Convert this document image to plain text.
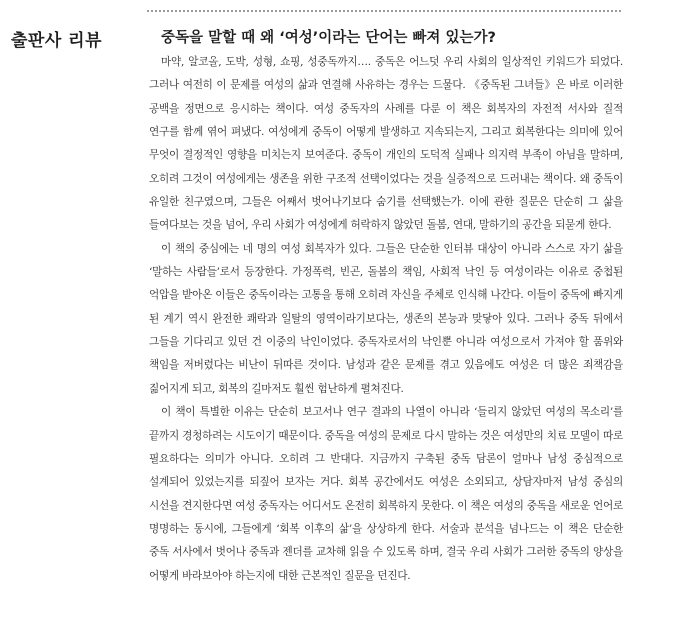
출판사 리뷰	중독을 말할 때 왜 ‘여성’이라는 단어는 빠져 있는가?

마약, 알코올, 도박, 성형, 쇼핑, 성중독까지…. 중독은 어느덧 우리 사회의 일상적인 키워드가 되었다. 그러나 여전히 이 문제를 여성의 삶과 연결해 사유하는 경우는 드물다. 《중독된 그녀들》은 바로 이러한 공백을 정면으로 응시하는 책이다. 여성 중독자의 사례를 다룬 이 책은 회복자의 자전적 서사와 질적 연구를 함께 엮어 펴냈다. 여성에게 중독이 어떻게 발생하고 지속되는지, 그리고 회복한다는 의미에 있어 무엇이 결정적인 영향을 미치는지 보여준다. 중독이 개인의 도덕적 실패나 의지력 부족이 아님을 말하며, 오히려 그것이 여성에게는 생존을 위한 구조적 선택이었다는 것을 실증적으로 드러내는 책이다. 왜 중독이 유일한 친구였으며, 그들은 어째서 벗어나기보다 숨기를 선택했는가. 이에 관한 질문은 단순히 그 삶을 들여다보는 것을 넘어, 우리 사회가 여성에게 허락하지 않았던 돌봄, 연대, 말하기의 공간을 되묻게 한다.

이 책의 중심에는 네 명의 여성 회복자가 있다. 그들은 단순한 인터뷰 대상이 아니라 스스로 자기 삶을 ‘말하는 사람들’로서 등장한다. 가정폭력, 빈곤, 돌봄의 책임, 사회적 낙인 등 여성이라는 이유로 중첩된 억압을 받아온 이들은 중독이라는 고통을 통해 오히려 자신을 주체로 인식해 나간다. 이들이 중독에 빠지게 된 계기 역시 완전한 쾌락과 일탈의 영역이라기보다는, 생존의 본능과 맞닿아 있다. 그러나 중독 뒤에서 그들을 기다리고 있던 건 이중의 낙인이었다. 중독자로서의 낙인뿐 아니라 여성으로서 가져야 할 품위와 책임을 저버렸다는 비난이 뒤따른 것이다. 남성과 같은 문제를 겪고 있음에도 여성은 더 많은 죄책감을 짊어지게 되고, 회복의 길마저도 훨씬 험난하게 펼쳐진다.

이 책이 특별한 이유는 단순히 보고서나 연구 결과의 나열이 아니라 ‘들리지 않았던 여성의 목소리’를 끝까지 경청하려는 시도이기 때문이다. 중독을 여성의 문제로 다시 말하는 것은 여성만의 치료 모델이 따로 필요하다는 의미가 아니다. 오히려 그 반대다. 지금까지 구축된 중독 담론이 얼마나 남성 중심적으로 설계되어 있었는지를 되짚어 보자는 거다. 회복 공간에서도 여성은 소외되고, 상담자마저 남성 중심의 시선을 견지한다면 여성 중독자는 어디서도 온전히 회복하지 못한다. 이 책은 여성의 중독을 새로운 언어로 명명하는 동시에, 그들에게 ‘회복 이후의 삶’을 상상하게 한다. 서술과 분석을 넘나드는 이 책은 단순한 중독 서사에서 벗어나 중독과 젠더를 교차해 읽을 수 있도록 하며, 결국 우리 사회가 그러한 중독의 양상을 어떻게 바라보아야 하는지에 대한 근본적인 질문을 던진다.
